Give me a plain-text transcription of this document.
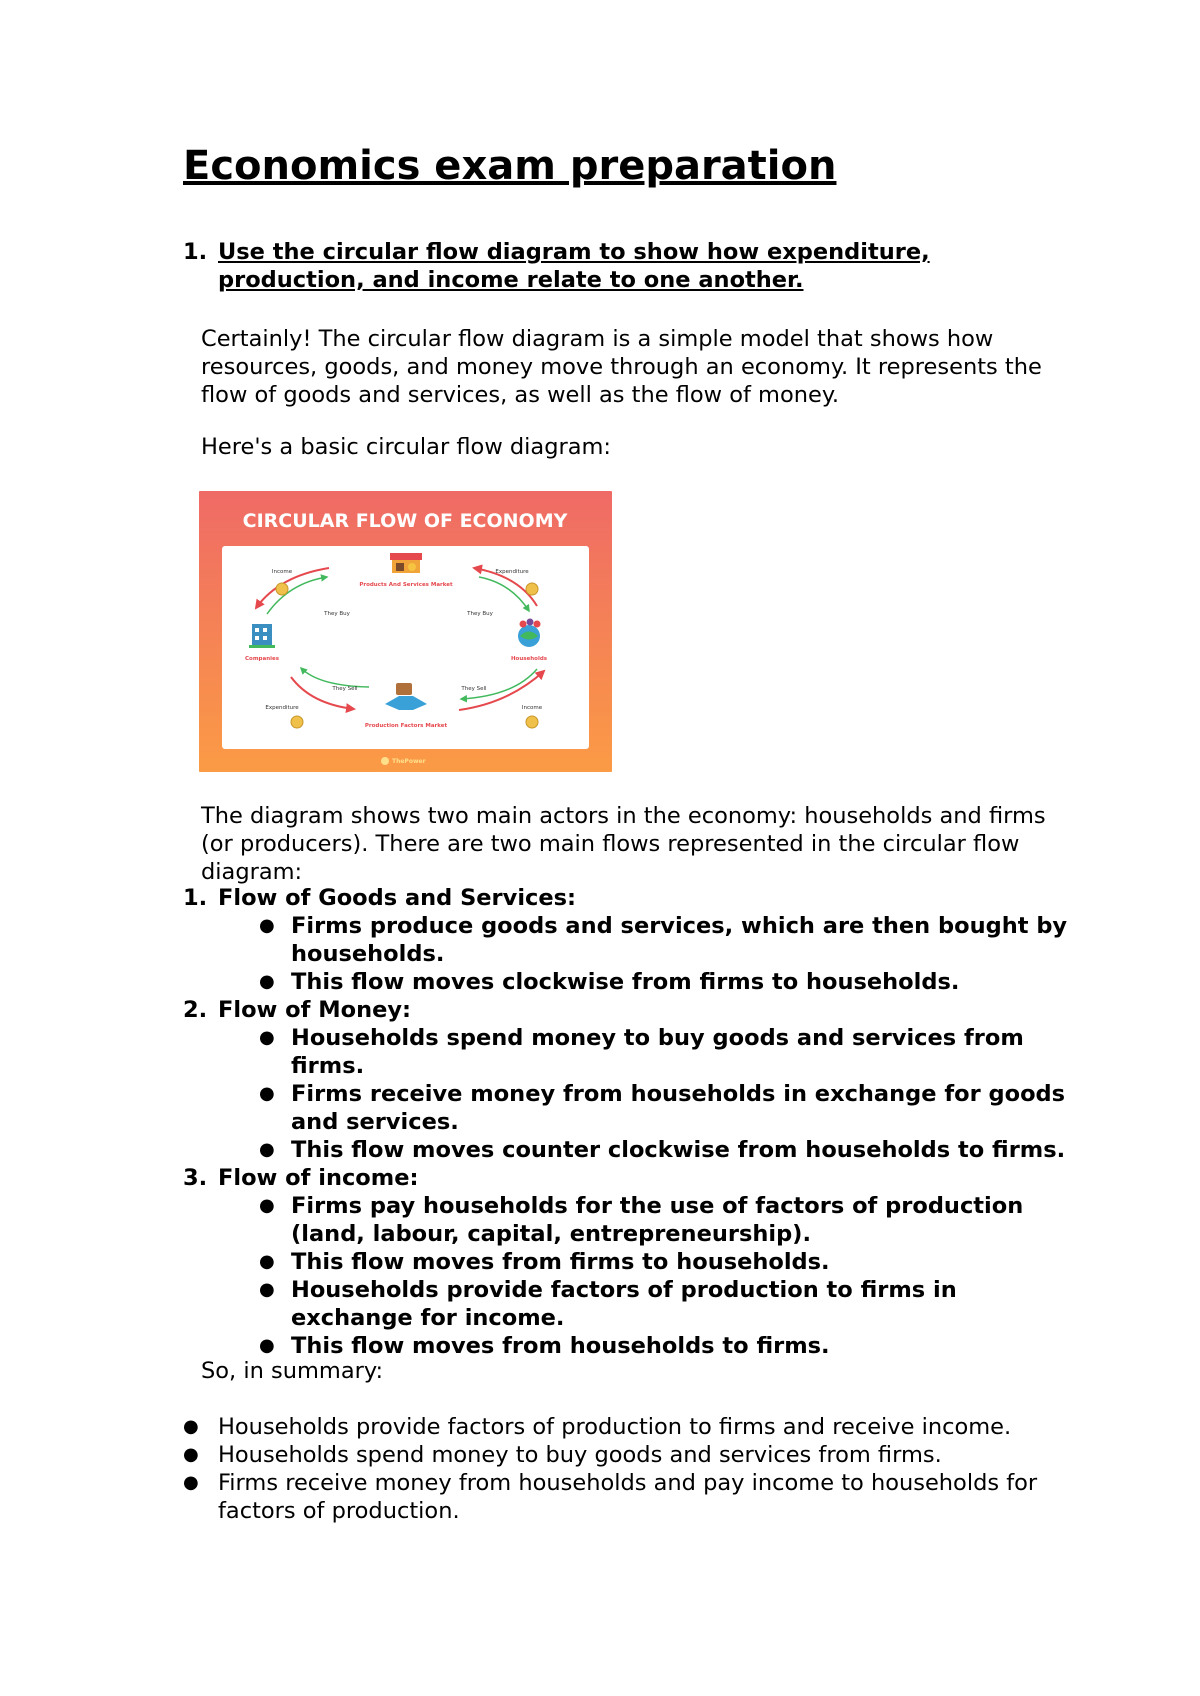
Economics exam preparation
1. Use the circular flow diagram to show how expenditure, production, and income relate to one another.

Certainly! The circular flow diagram is a simple model that shows how resources, goods, and money move through an economy. It represents the flow of goods and services, as well as the flow of money.

Here's a basic circular flow diagram:

CIRCULAR FLOW OF ECONOMY
Products And Services Market
Households
Companies
Production Factors Market
Income	Expenditure
They Buy	They Buy
They Sell	They Sell
Expenditure	Income
ThePower

The diagram shows two main actors in the economy: households and firms (or producers). There are two main flows represented in the circular flow diagram:

1. Flow of Goods and Services:
● Firms produce goods and services, which are then bought by households.
● This flow moves clockwise from firms to households.
2. Flow of Money:
● Households spend money to buy goods and services from firms.
● Firms receive money from households in exchange for goods and services.
● This flow moves counter clockwise from households to firms.
3. Flow of income:
● Firms pay households for the use of factors of production (land, labour, capital, entrepreneurship).
● This flow moves from firms to households.
● Households provide factors of production to firms in exchange for income.
● This flow moves from households to firms.

So, in summary:

● Households provide factors of production to firms and receive income.
● Households spend money to buy goods and services from firms.
● Firms receive money from households and pay income to households for factors of production.
